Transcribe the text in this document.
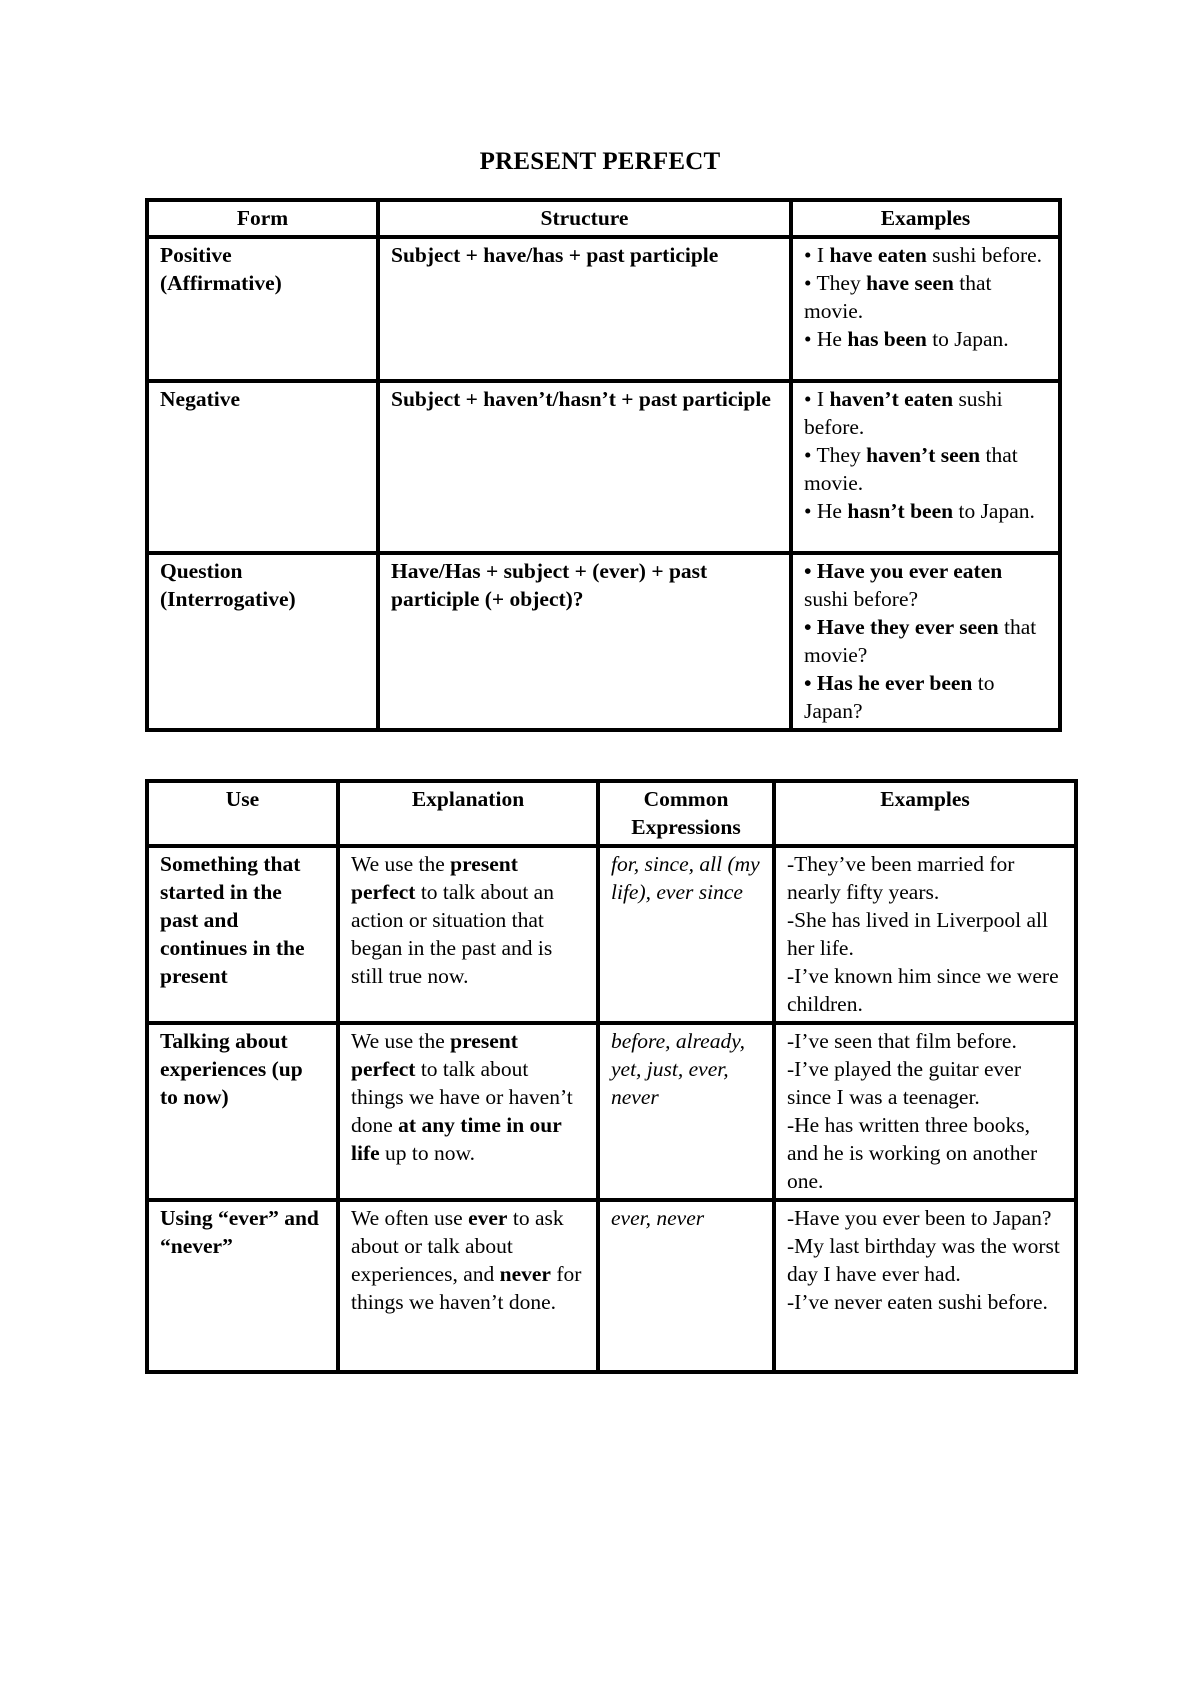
PRESENT PERFECT
Form	Structure	Examples

Positive
(Affirmative)	Subject + have/has + past participle	• I have eaten sushi before.
• They have seen that movie.
• He has been to Japan.

Negative	Subject + haven’t/hasn’t + past participle	• I haven’t eaten sushi before.
• They haven’t seen that movie.
• He hasn’t been to Japan.

Question
(Interrogative)	Have/Has + subject + (ever) + past participle (+ object)?	• Have you ever eaten sushi before?
• Have they ever seen that movie?
• Has he ever been to Japan?
Use	Explanation	Common Expressions	Examples
Something that started in the past and continues in the present	We use the present perfect to talk about an action or situation that began in the past and is still true now.	for, since, all (my life), ever since	-They’ve been married for nearly fifty years.
-She has lived in Liverpool all her life.
-I’ve known him since we were children.

Talking about experiences (up to now)	We use the present perfect to talk about things we have or haven’t done at any time in our life up to now.	before, already, yet, just, ever, never	-I’ve seen that film before.
-I’ve played the guitar ever since I was a teenager.
-He has written three books, and he is working on another one.

Using “ever” and “never”	We often use ever to ask about or talk about experiences, and never for things we haven’t done.	ever, never	-Have you ever been to Japan?
-My last birthday was the worst day I have ever had.
-I’ve never eaten sushi before.
